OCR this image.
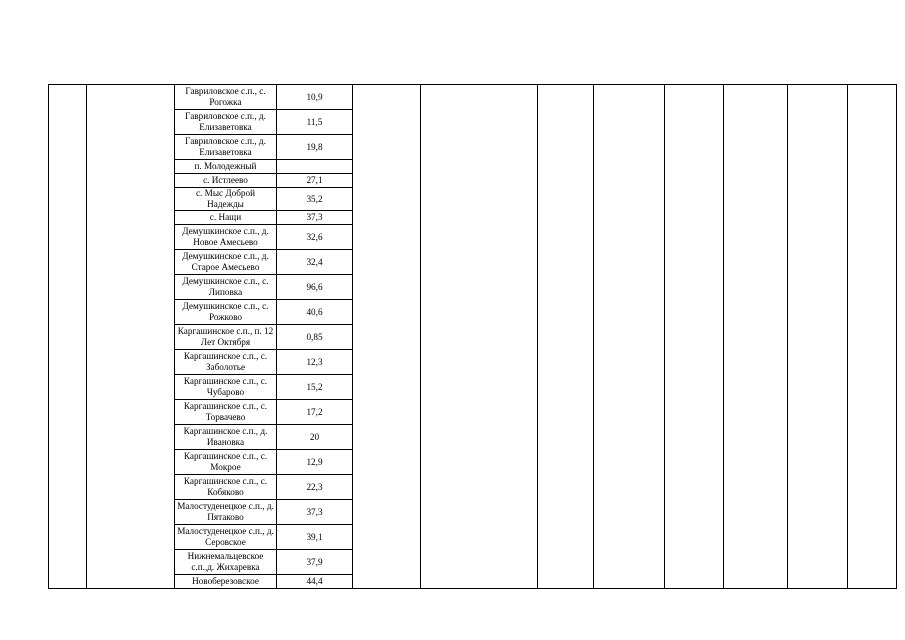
		Гавриловское с.п., с. Рогожка	10,9								
		Гавриловское с.п., д. Елизаветовка	11,5								
		Гавриловское с.п., д. Елизаветовка	19,8								
		п. Молодежный									
		с. Истлеево	27,1								
		с. Мыс Доброй Надежды	35,2								
		с. Нащи	37,3								
		Демушкинское с.п., д. Новое Амесьево	32,6								
		Демушкинское с.п., д. Старое Амесьево	32,4								
		Демушкинское с.п., с. Липовка	96,6								
		Демушкинское с.п., с. Рожково	40,6								
		Каргашинское с.п., п. 12 Лет Октября	0,85								
		Каргашинское с.п., с. Заболотье	12,3								
		Каргашинское с.п., с. Чубарово	15,2								
		Каргашинское с.п., с. Торвачево	17,2								
		Каргашинское с.п., д. Ивановка	20								
		Каргашинское с.п., с. Мокрое	12,9								
		Каргашинское с.п., с. Кобяково	22,3								
		Малостуденецкое с.п., д. Пятаково	37,3								
		Малостуденецкое с.п., д. Серовское	39,1								
		Нижнемальцевское с.п.,д. Жихаревка	37,9								
		Новоберезовское	44,4								
